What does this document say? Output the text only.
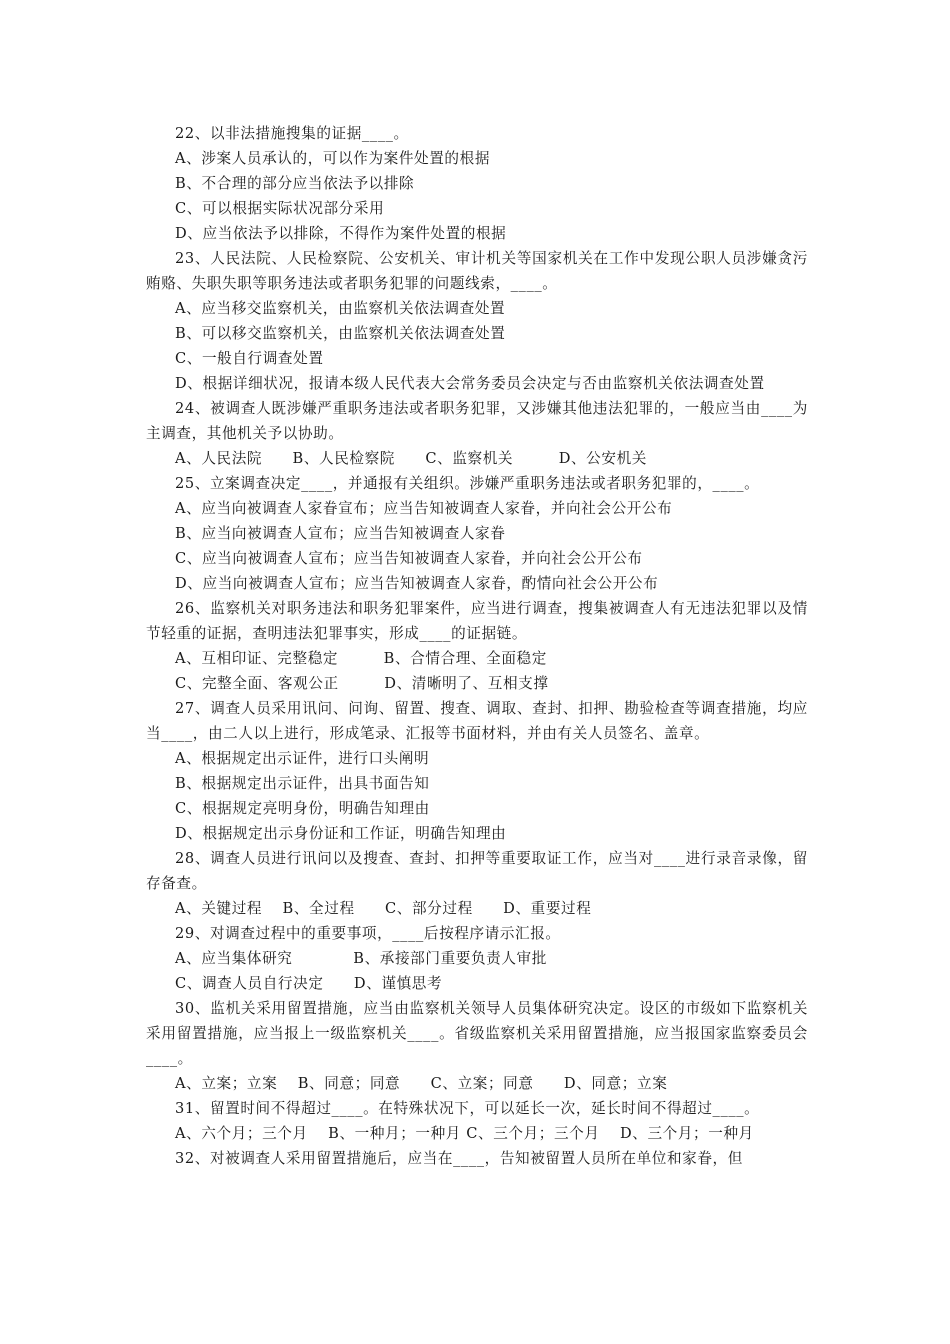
22、以非法措施搜集的证据____。
A、涉案人员承认的，可以作为案件处置的根据
B、不合理的部分应当依法予以排除
C、可以根据实际状况部分采用
D、应当依法予以排除，不得作为案件处置的根据
23、人民法院、人民检察院、公安机关、审计机关等国家机关在工作中发现公职人员涉嫌贪污贿赂、失职失职等职务违法或者职务犯罪的问题线索，____。
A、应当移交监察机关，由监察机关依法调查处置
B、可以移交监察机关，由监察机关依法调查处置
C、一般自行调查处置
D、根据详细状况，报请本级人民代表大会常务委员会决定与否由监察机关依法调查处置
24、被调查人既涉嫌严重职务违法或者职务犯罪，又涉嫌其他违法犯罪的，一般应当由____为主调查，其他机关予以协助。
A、人民法院　　B、人民检察院　　C、监察机关　　　D、公安机关
25、立案调查决定____，并通报有关组织。涉嫌严重职务违法或者职务犯罪的，____。
A、应当向被调查人家眷宣布；应当告知被调查人家眷，并向社会公开公布
B、应当向被调查人宣布；应当告知被调查人家眷
C、应当向被调查人宣布；应当告知被调查人家眷，并向社会公开公布
D、应当向被调查人宣布；应当告知被调查人家眷，酌情向社会公开公布
26、监察机关对职务违法和职务犯罪案件，应当进行调查，搜集被调查人有无违法犯罪以及情节轻重的证据，查明违法犯罪事实，形成____的证据链。
A、互相印证、完整稳定　　　B、合情合理、全面稳定
C、完整全面、客观公正　　　D、清晰明了、互相支撑
27、调查人员采用讯问、问询、留置、搜查、调取、查封、扣押、勘验检查等调查措施，均应当____，由二人以上进行，形成笔录、汇报等书面材料，并由有关人员签名、盖章。
A、根据规定出示证件，进行口头阐明
B、根据规定出示证件，出具书面告知
C、根据规定亮明身份，明确告知理由
D、根据规定出示身份证和工作证，明确告知理由
28、调查人员进行讯问以及搜查、查封、扣押等重要取证工作，应当对____进行录音录像，留存备查。
A、关键过程　 B、全过程　　C、部分过程　　D、重要过程
29、对调查过程中的重要事项，____后按程序请示汇报。
A、应当集体研究　　　　B、承接部门重要负责人审批
C、调查人员自行决定　　D、谨慎思考
30、监机关采用留置措施，应当由监察机关领导人员集体研究决定。设区的市级如下监察机关采用留置措施，应当报上一级监察机关____。省级监察机关采用留置措施，应当报国家监察委员会____。
A、立案；立案　 B、同意；同意　　C、立案；同意　　D、同意；立案
31、留置时间不得超过____。在特殊状况下，可以延长一次，延长时间不得超过____。
A、六个月；三个月　 B、一种月；一种月 C、三个月；三个月　 D、三个月；一种月
32、对被调查人采用留置措施后，应当在____，告知被留置人员所在单位和家眷，但
